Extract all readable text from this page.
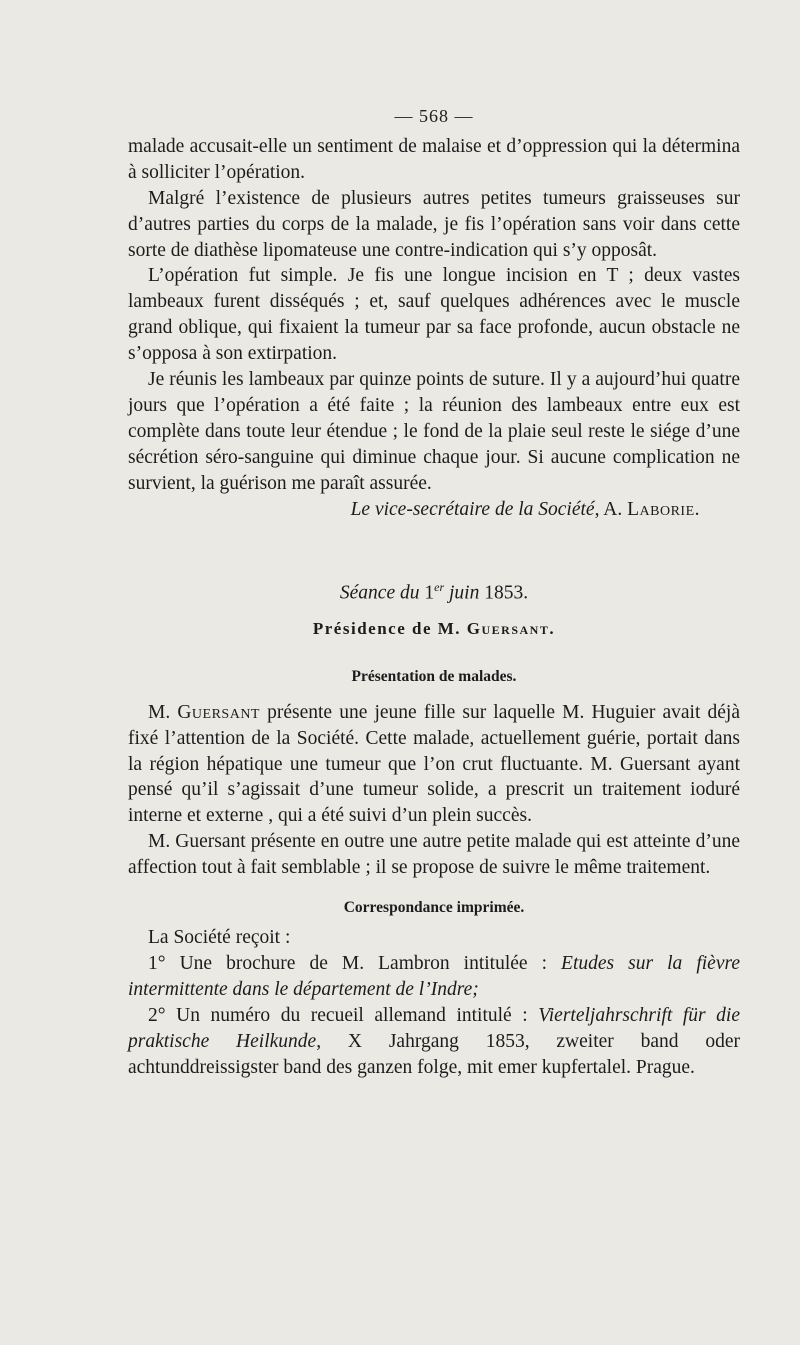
— 568 —

malade accusait-elle un sentiment de malaise et d’oppression qui la détermina à solliciter l’opération.

Malgré l’existence de plusieurs autres petites tumeurs graisseuses sur d’autres parties du corps de la malade, je fis l’opération sans voir dans cette sorte de diathèse lipomateuse une contre-indication qui s’y opposât.

L’opération fut simple. Je fis une longue incision en T ; deux vastes lambeaux furent disséqués ; et, sauf quelques adhérences avec le muscle grand oblique, qui fixaient la tumeur par sa face profonde, aucun obstacle ne s’opposa à son extirpation.

Je réunis les lambeaux par quinze points de suture. Il y a aujourd’hui quatre jours que l’opération a été faite ; la réunion des lambeaux entre eux est complète dans toute leur étendue ; le fond de la plaie seul reste le siége d’une sécrétion séro-sanguine qui diminue chaque jour. Si aucune complication ne survient, la guérison me paraît assurée.

Le vice-secrétaire de la Société, A. Laborie.

Séance du 1er juin 1853.

Présidence de M. Guersant.

Présentation de malades.

M. Guersant présente une jeune fille sur laquelle M. Huguier avait déjà fixé l’attention de la Société. Cette malade, actuellement guérie, portait dans la région hépatique une tumeur que l’on crut fluctuante. M. Guersant ayant pensé qu’il s’agissait d’une tumeur solide, a prescrit un traitement ioduré interne et externe , qui a été suivi d’un plein succès.

M. Guersant présente en outre une autre petite malade qui est atteinte d’une affection tout à fait semblable ; il se propose de suivre le même traitement.

Correspondance imprimée.

La Société reçoit :

1° Une brochure de M. Lambron intitulée : Etudes sur la fièvre intermittente dans le département de l’Indre;

2° Un numéro du recueil allemand intitulé : Vierteljahrschrift für die praktische Heilkunde, X Jahrgang 1853, zweiter band oder achtunddreissigster band des ganzen folge, mit emer kupfertalel. Prague.
